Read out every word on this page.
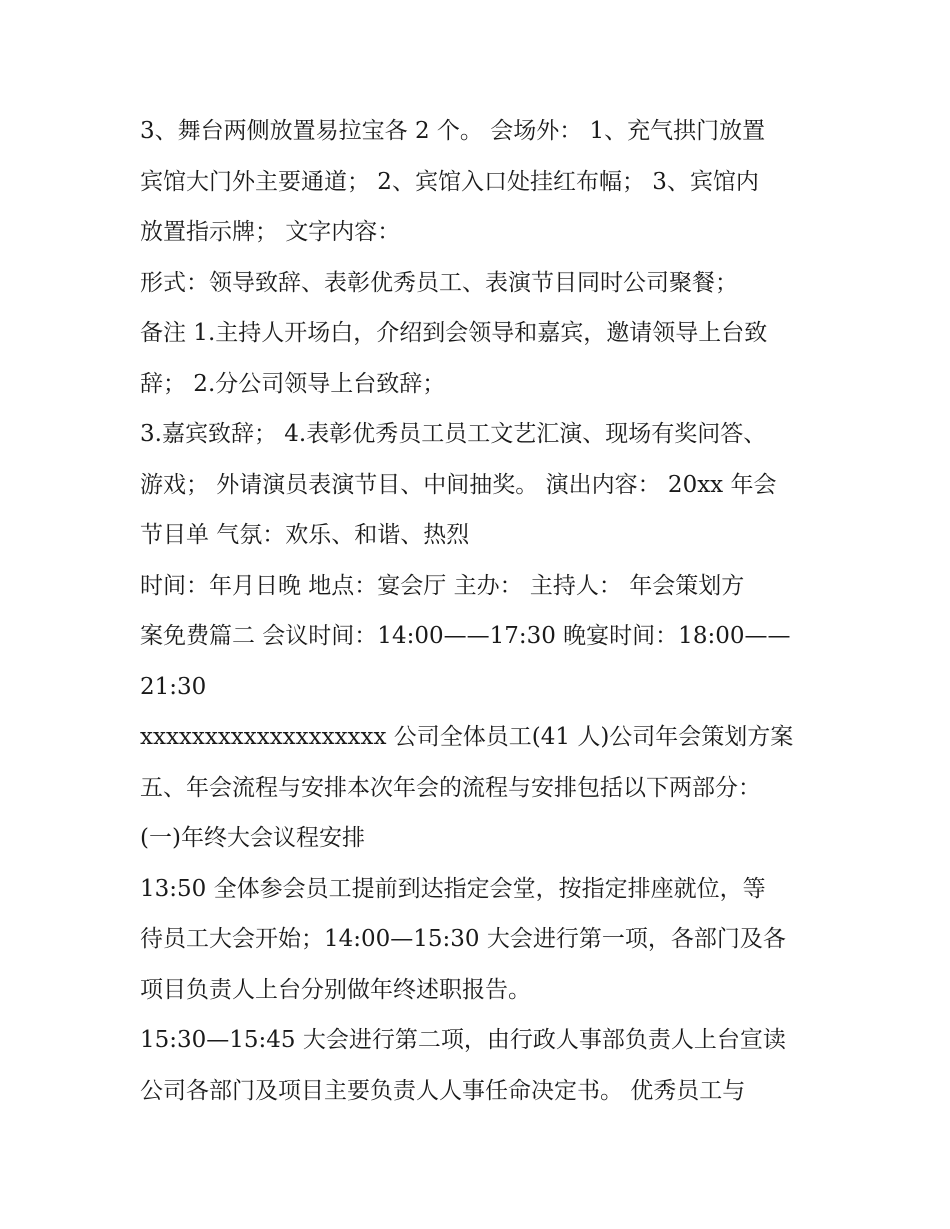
3、舞台两侧放置易拉宝各 2 个。 会场外： 1、充气拱门放置
宾馆大门外主要通道； 2、宾馆入口处挂红布幅； 3、宾馆内
放置指示牌； 文字内容：
形式：领导致辞、表彰优秀员工、表演节目同时公司聚餐；
备注 1.主持人开场白，介绍到会领导和嘉宾，邀请领导上台致
辞； 2.分公司领导上台致辞；
3.嘉宾致辞； 4.表彰优秀员工员工文艺汇演、现场有奖问答、
游戏； 外请演员表演节目、中间抽奖。 演出内容： 20xx 年会
节目单 气氛：欢乐、和谐、热烈
时间：年月日晚 地点：宴会厅 主办： 主持人： 年会策划方
案免费篇二 会议时间：14:00——17:30 晚宴时间：18:00——
21:30
xxxxxxxxxxxxxxxxxxx 公司全体员工(41 人)公司年会策划方案
五、年会流程与安排本次年会的流程与安排包括以下两部分：
(一)年终大会议程安排
13:50 全体参会员工提前到达指定会堂，按指定排座就位，等
待员工大会开始；14:00—15:30 大会进行第一项，各部门及各
项目负责人上台分别做年终述职报告。
15:30—15:45 大会进行第二项，由行政人事部负责人上台宣读
公司各部门及项目主要负责人人事任命决定书。 优秀员工与
